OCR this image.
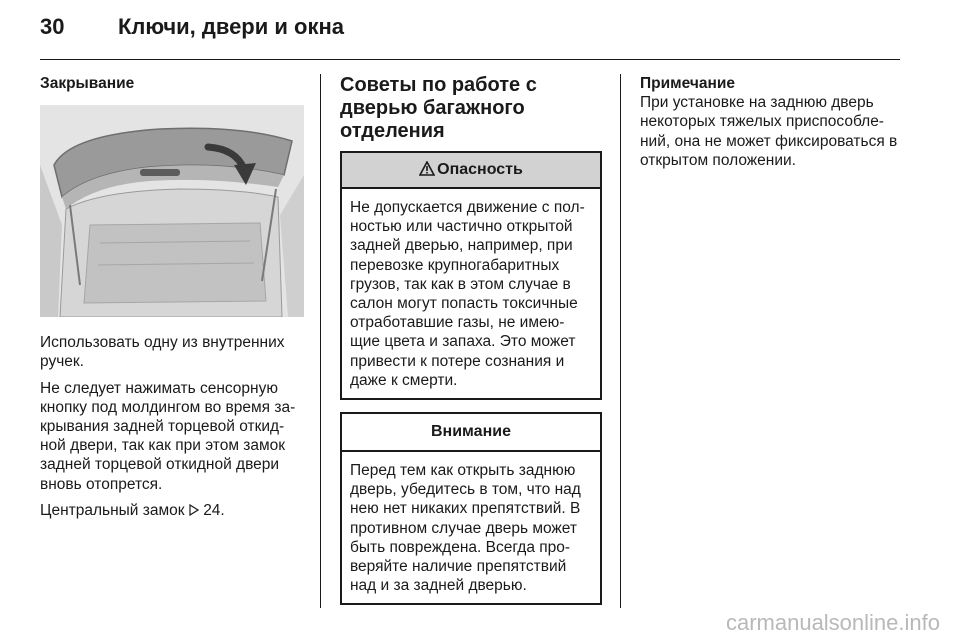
30 Ключи, двери и окна
Закрывание

Использовать одну из внутренних ручек.

Не следует нажимать сенсорную кнопку под молдингом во время за-крывания задней торцевой откид-ной двери, так как при этом замок задней торцевой откидной двери вновь отопрется.

Центральный замок 24.

Советы по работе с дверью багажного отделения
Опасность
Не допускается движение с пол-ностью или частично открытой задней дверью, например, при перевозке крупногабаритных грузов, так как в этом случае в салон могут попасть токсичные отработавшие газы, не имею-щие цвета и запаха. Это может привести к потере сознания и даже к смерти.
Внимание
Перед тем как открыть заднюю дверь, убедитесь в том, что над нею нет никаких препятствий. В противном случае дверь может быть повреждена. Всегда про-веряйте наличие препятствий над и за задней дверью.
Примечание
При установке на заднюю дверь некоторых тяжелых приспособле-ний, она не может фиксироваться в открытом положении.
carmanualsonline.info
